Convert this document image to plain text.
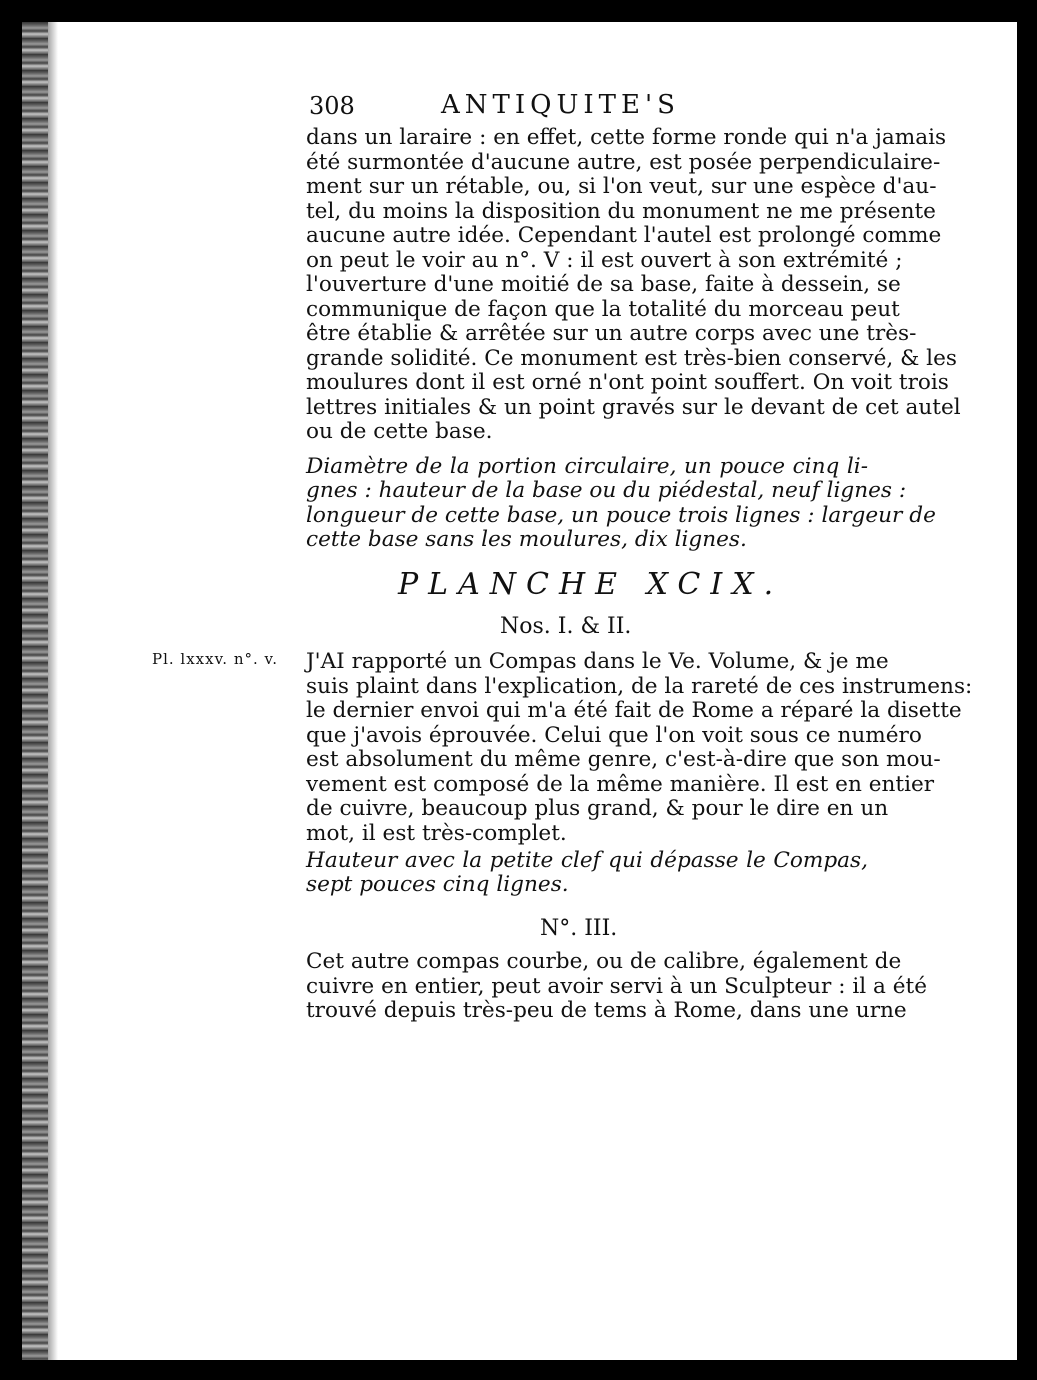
308	ANTIQUITE'S
dans un laraire : en effet, cette forme ronde qui n'a jamais
été surmontée d'aucune autre, est posée perpendiculaire-
ment sur un rétable, ou, si l'on veut, sur une espèce d'au-
tel, du moins la disposition du monument ne me présente
aucune autre idée. Cependant l'autel est prolongé comme
on peut le voir au n°. V : il est ouvert à son extrémité ;
l'ouverture d'une moitié de sa base, faite à dessein, se
communique de façon que la totalité du morceau peut
être établie & arrêtée sur un autre corps avec une très-
grande solidité. Ce monument est très-bien conservé, & les
moulures dont il est orné n'ont point souffert. On voit trois
lettres initiales & un point gravés sur le devant de cet autel
ou de cette base.
Diamètre de la portion circulaire, un pouce cinq li-
gnes : hauteur de la base ou du piédestal, neuf lignes :
longueur de cette base, un pouce trois lignes : largeur de
cette base sans les moulures, dix lignes.
PLANCHE XCIX.
Nos. I. & II.
Pl. lxxxv. n°. v. J'AI rapporté un Compas dans le Ve. Volume, & je me
suis plaint dans l'explication, de la rareté de ces instrumens:
le dernier envoi qui m'a été fait de Rome a réparé la disette
que j'avois éprouvée. Celui que l'on voit sous ce numéro
est absolument du même genre, c'est-à-dire que son mou-
vement est composé de la même manière. Il est en entier
de cuivre, beaucoup plus grand, & pour le dire en un
mot, il est très-complet.
Hauteur avec la petite clef qui dépasse le Compas,
sept pouces cinq lignes.
N°. III.
Cet autre compas courbe, ou de calibre, également de
cuivre en entier, peut avoir servi à un Sculpteur : il a été
trouvé depuis très-peu de tems à Rome, dans une urne
